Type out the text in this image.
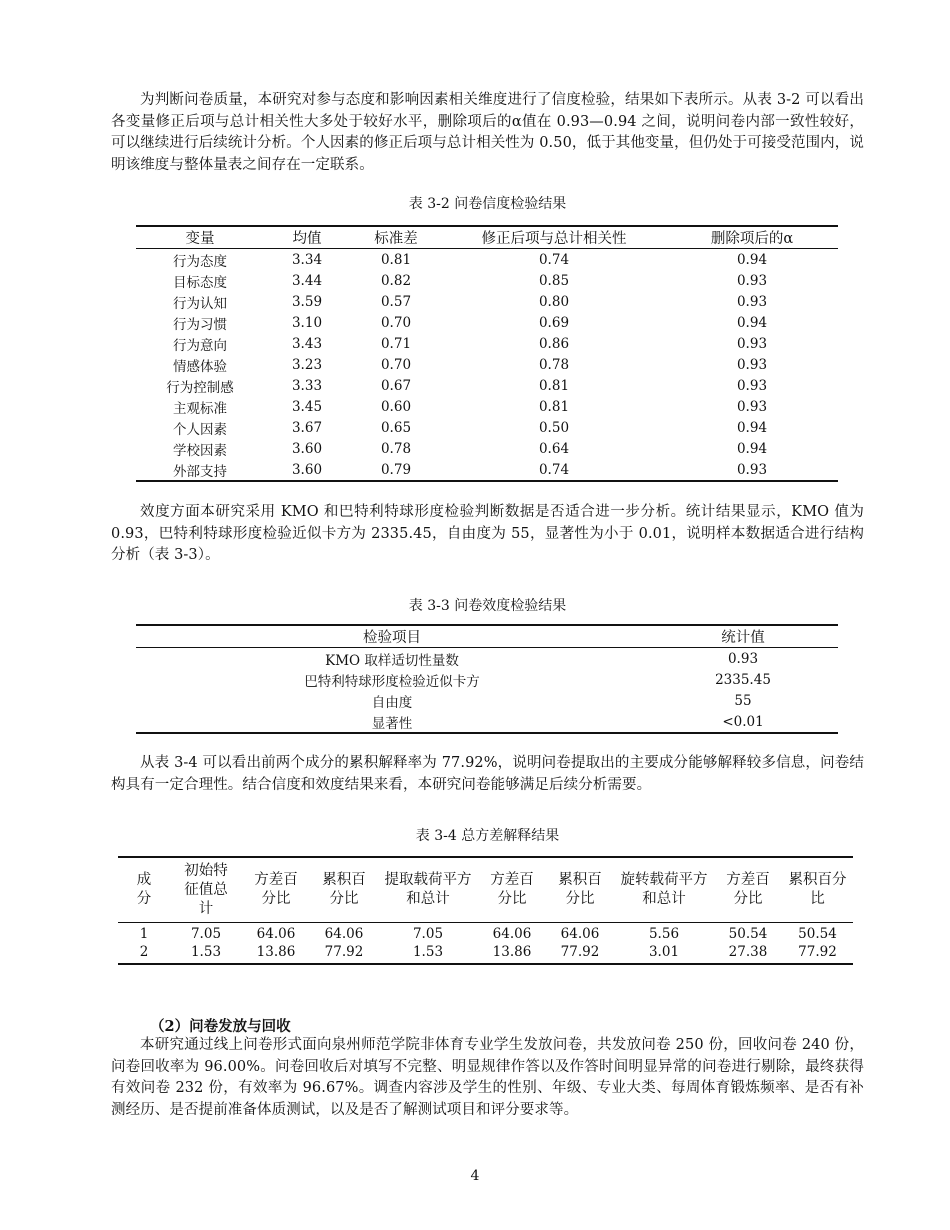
为判断问卷质量，本研究对参与态度和影响因素相关维度进行了信度检验，结果如下表所示。从表 3-2 可以看出各变量修正后项与总计相关性大多处于较好水平，删除项后的α值在 0.93—0.94 之间，说明问卷内部一致性较好，可以继续进行后续统计分析。个人因素的修正后项与总计相关性为 0.50，低于其他变量，但仍处于可接受范围内，说明该维度与整体量表之间存在一定联系。

表 3-2 问卷信度检验结果

变量	均值	标准差	修正后项与总计相关性	删除项后的α
行为态度	3.34	0.81	0.74	0.94
目标态度	3.44	0.82	0.85	0.93
行为认知	3.59	0.57	0.80	0.93
行为习惯	3.10	0.70	0.69	0.94
行为意向	3.43	0.71	0.86	0.93
情感体验	3.23	0.70	0.78	0.93
行为控制感	3.33	0.67	0.81	0.93
主观标准	3.45	0.60	0.81	0.93
个人因素	3.67	0.65	0.50	0.94
学校因素	3.60	0.78	0.64	0.94
外部支持	3.60	0.79	0.74	0.93

效度方面本研究采用 KMO 和巴特利特球形度检验判断数据是否适合进一步分析。统计结果显示，KMO 值为 0.93，巴特利特球形度检验近似卡方为 2335.45，自由度为 55，显著性为小于 0.01，说明样本数据适合进行结构分析（表 3-3）。

表 3-3 问卷效度检验结果

检验项目	统计值
KMO 取样适切性量数	0.93
巴特利特球形度检验近似卡方	2335.45
自由度	55
显著性	<0.01

从表 3-4 可以看出前两个成分的累积解释率为 77.92%，说明问卷提取出的主要成分能够解释较多信息，问卷结构具有一定合理性。结合信度和效度结果来看，本研究问卷能够满足后续分析需要。

表 3-4 总方差解释结果

成分	初始特征值总计	方差百分比	累积百分比	提取载荷平方和总计	方差百分比	累积百分比	旋转载荷平方和总计	方差百分比	累积百分比
1	7.05	64.06	64.06	7.05	64.06	64.06	5.56	50.54	50.54
2	1.53	13.86	77.92	1.53	13.86	77.92	3.01	27.38	77.92

（2）问卷发放与回收

本研究通过线上问卷形式面向泉州师范学院非体育专业学生发放问卷，共发放问卷 250 份，回收问卷 240 份，问卷回收率为 96.00%。问卷回收后对填写不完整、明显规律作答以及作答时间明显异常的问卷进行剔除，最终获得有效问卷 232 份，有效率为 96.67%。调查内容涉及学生的性别、年级、专业大类、每周体育锻炼频率、是否有补测经历、是否提前准备体质测试，以及是否了解测试项目和评分要求等。

4
